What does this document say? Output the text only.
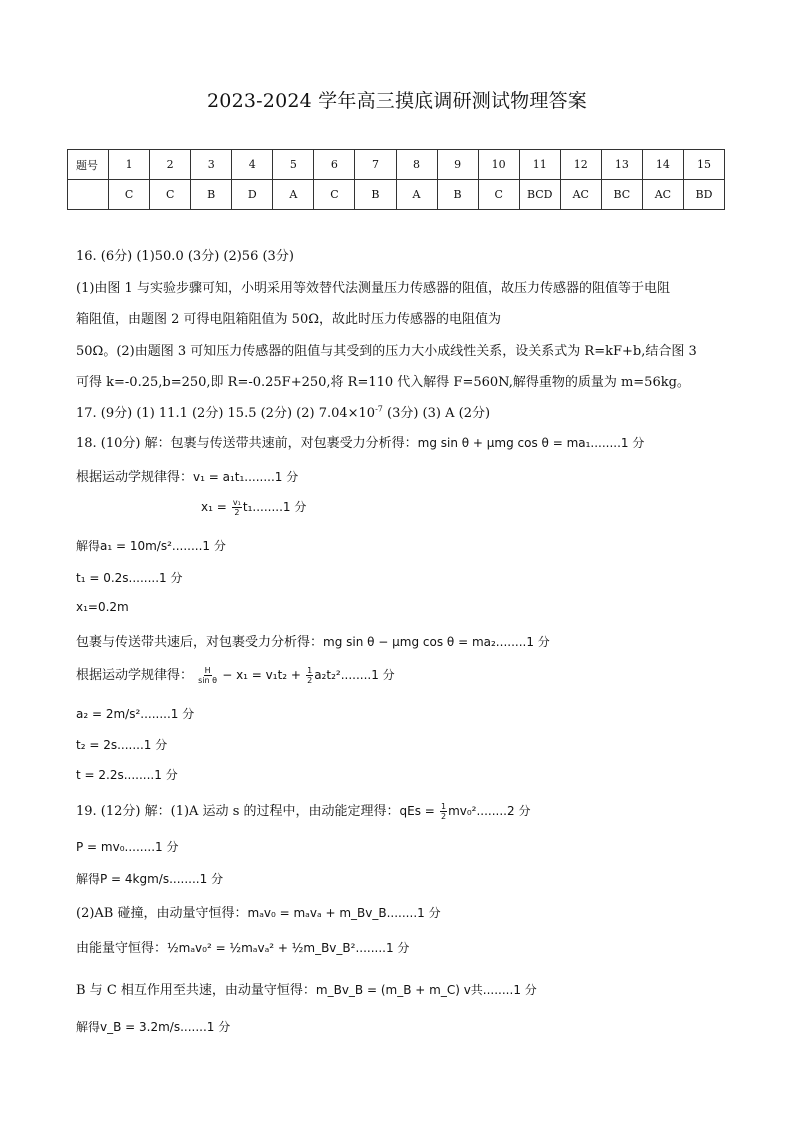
2023-2024 学年高三摸底调研测试物理答案
题号	1	2	3	4	5	6	7	8	9	10	11	12	13	14	15
	C	C	B	D	A	C	B	A	B	C	BCD	AC	BC	AC	BD
16. (6分) (1)50.0 (3分) (2)56 (3分)
(1)由图 1 与实验步骤可知，小明采用等效替代法测量压力传感器的阻值，故压力传感器的阻值等于电阻
箱阻值，由题图 2 可得电阻箱阻值为 50Ω，故此时压力传感器的电阻值为
50Ω。(2)由题图 3 可知压力传感器的阻值与其受到的压力大小成线性关系，设关系式为 R=kF+b,结合图 3
可得 k=-0.25,b=250,即 R=-0.25F+250,将 R=110 代入解得 F=560N,解得重物的质量为 m=56kg。
17. (9分) (1) 11.1 (2分) 15.5 (2分) (2) $7.04\times 10^{-7}$ (3分) (3) A (2分)
18. (10分) 解：包裹与传送带共速前，对包裹受力分析得：mg sin θ + μmg cos θ = ma₁........1 分
根据运动学规律得：v₁ = a₁t₁........1 分
$x_1 = \frac{\text{v₁}}{2} t_1........1$ 分
解得a₁ = 10m/s²........1 分
t₁ = 0.2s........1 分
x₁=0.2m
包裹与传送带共速后，对包裹受力分析得：mg sin θ − μmg cos θ = ma₂........1 分
根据运动学规律得： $\frac{H}{\text{sin θ}} - x_1 = v_1t_2 + \frac{1}{2} a_2t_2^2........1$ 分
a₂ = 2m/s²........1 分
t₂ = 2s.......1 分
t = 2.2s........1 分
19. (12分) 解：(1)A 运动 s 的过程中，由动能定理得：qEs = $\frac{1}{2} mv_0^2........2$ 分
P = mv₀........1 分
解得P = 4kgm/s........1 分
(2)AB 碰撞，由动量守恒得：mₐv₀ = mₐvₐ + m_Bv_B........1 分
由能量守恒得：½mₐv₀² = ½mₐvₐ² + ½m_Bv_B²........1 分
B 与 C 相互作用至共速，由动量守恒得：m_Bv_B = (m_B + m_C) v共........1 分
解得v_B = 3.2m/s.......1 分
